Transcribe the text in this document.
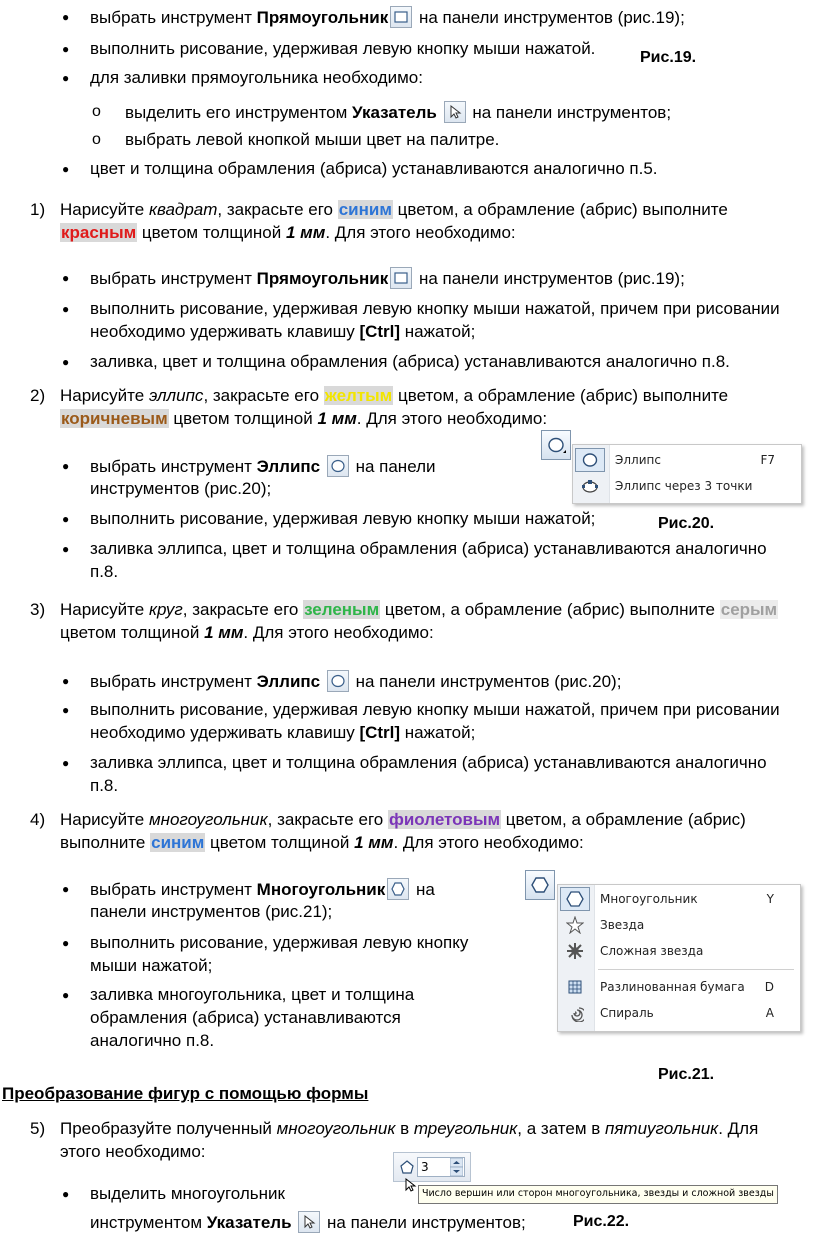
● выбрать инструмент Прямоугольник
на панели инструментов (рис.19);
● выполнить рисование, удерживая левую кнопку мыши нажатой.	Рис.19.
● для заливки прямоугольника необходимо:
o выделить его инструментом Указатель
на панели инструментов;
o выбрать левой кнопкой мыши цвет на палитре.
● цвет и толщина обрамления (абриса) устанавливаются аналогично п.5.
1) Нарисуйте квадрат, закрасьте его синим цветом, а обрамление (абрис) выполните
красным цветом толщиной 1 мм. Для этого необходимо:
● выбрать инструмент Прямоугольник
на панели инструментов (рис.19);
● выполнить рисование, удерживая левую кнопку мыши нажатой, причем при рисовании
необходимо удерживать клавишу [Ctrl] нажатой;
● заливка, цвет и толщина обрамления (абриса) устанавливаются аналогично п.8.
2) Нарисуйте эллипс, закрасьте его желтым цветом, а обрамление (абрис) выполните
коричневым цветом толщиной 1 мм. Для этого необходимо:
● выбрать инструмент Эллипс
на панели
инструментов (рис.20);
Эллипс	F7
Эллипс через 3 точки
● выполнить рисование, удерживая левую кнопку мыши нажатой;	Рис.20.
● заливка эллипса, цвет и толщина обрамления (абриса) устанавливаются аналогично
п.8.
3) Нарисуйте круг, закрасьте его зеленым цветом, а обрамление (абрис) выполните серым
цветом толщиной 1 мм. Для этого необходимо:
● выбрать инструмент Эллипс
на панели инструментов (рис.20);
● выполнить рисование, удерживая левую кнопку мыши нажатой, причем при рисовании
необходимо удерживать клавишу [Ctrl] нажатой;
● заливка эллипса, цвет и толщина обрамления (абриса) устанавливаются аналогично
п.8.
4) Нарисуйте многоугольник, закрасьте его фиолетовым цветом, а обрамление (абрис)
выполните синим цветом толщиной 1 мм. Для этого необходимо:
● выбрать инструмент Многоугольник
на
панели инструментов (рис.21);
● выполнить рисование, удерживая левую кнопку
мыши нажатой;
● заливка многоугольника, цвет и толщина
обрамления (абриса) устанавливаются
аналогично п.8.
Многоугольник	Y
Звезда
Сложная звезда
Разлинованная бумага D
Спираль	A
Рис.21.
Преобразование фигур с помощью формы
5) Преобразуйте полученный многоугольник в треугольник, а затем в пятиугольник. Для
этого необходимо:
3
Число вершин или сторон многоугольника, звезды и сложной звезды
● выделить многоугольник
инструментом Указатель
на панели инструментов;	Рис.22.
